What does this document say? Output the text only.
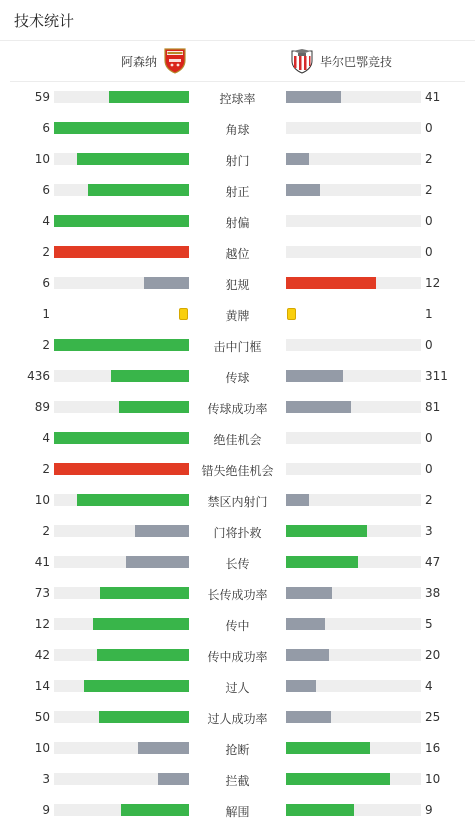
技术统计
阿森纳	毕尔巴鄂竞技
59	控球率	41
6	角球	0
10	射门	2
6	射正	2
4	射偏	0
2	越位	0
6	犯规	12
1	黄牌	1
2	击中门框	0
436	传球	311
89	传球成功率	81
4	绝佳机会	0
2	错失绝佳机会	0
10	禁区内射门	2
2	门将扑救	3
41	长传	47
73	长传成功率	38
12	传中	5
42	传中成功率	20
14	过人	4
50	过人成功率	25
10	抢断	16
3	拦截	10
9	解围	9
